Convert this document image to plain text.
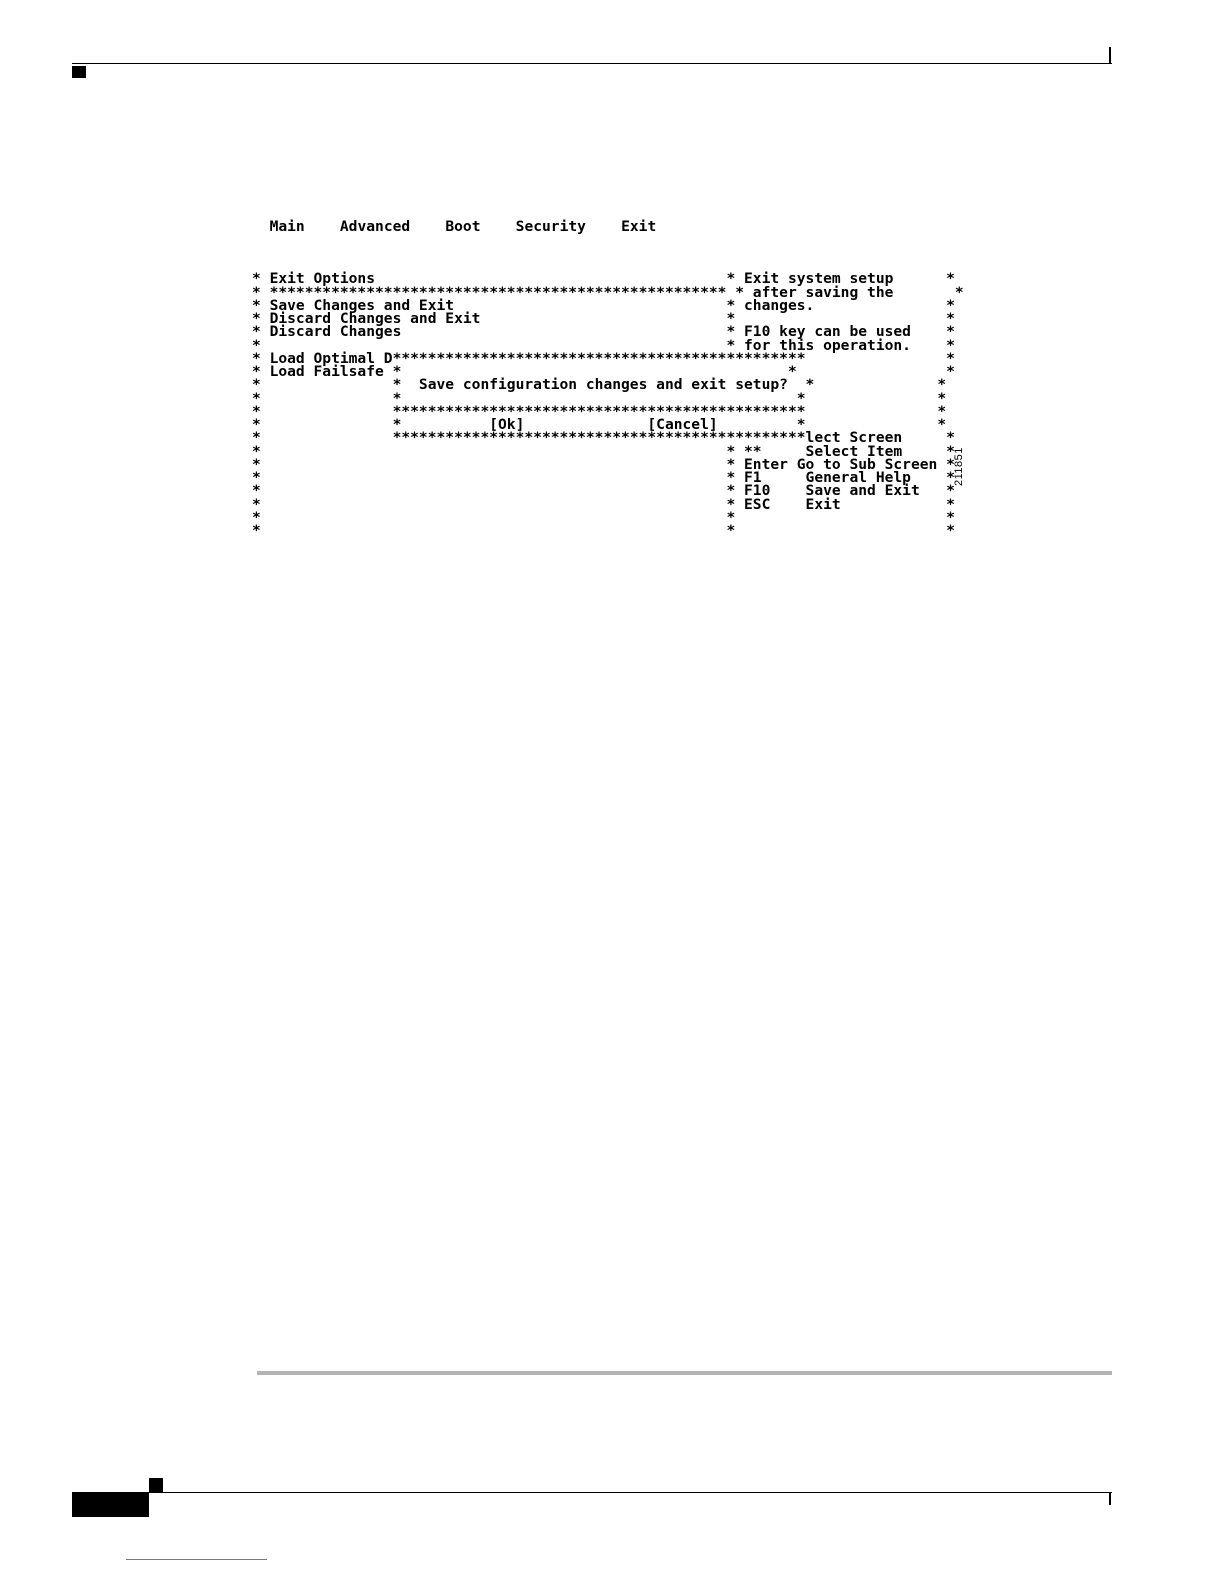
Main Advanced Boot Security Exit

* Exit Options                                        * Exit system setup      *
* **************************************************** * after saving the       *
* Save Changes and Exit                               * changes.               *
* Discard Changes and Exit                            *                        *
* Discard Changes                                     * F10 key can be used    *
*                                                     * for this operation.    *
* Load Optimal D***********************************************                *
* Load Failsafe *                                            *                 *
*               *  Save configuration changes and exit setup?  *              *
*               *                                             *               *
*               ***********************************************               *
*               *          [Ok]              [Cancel]         *               *
*               ***********************************************lect Screen     *
*                                                     * **     Select Item     *
*                                                     * Enter Go to Sub Screen *
*                                                     * F1     General Help    *
*                                                     * F10    Save and Exit   *
*                                                     * ESC    Exit            *
*                                                     *                        *
*                                                     *                        *

211851
